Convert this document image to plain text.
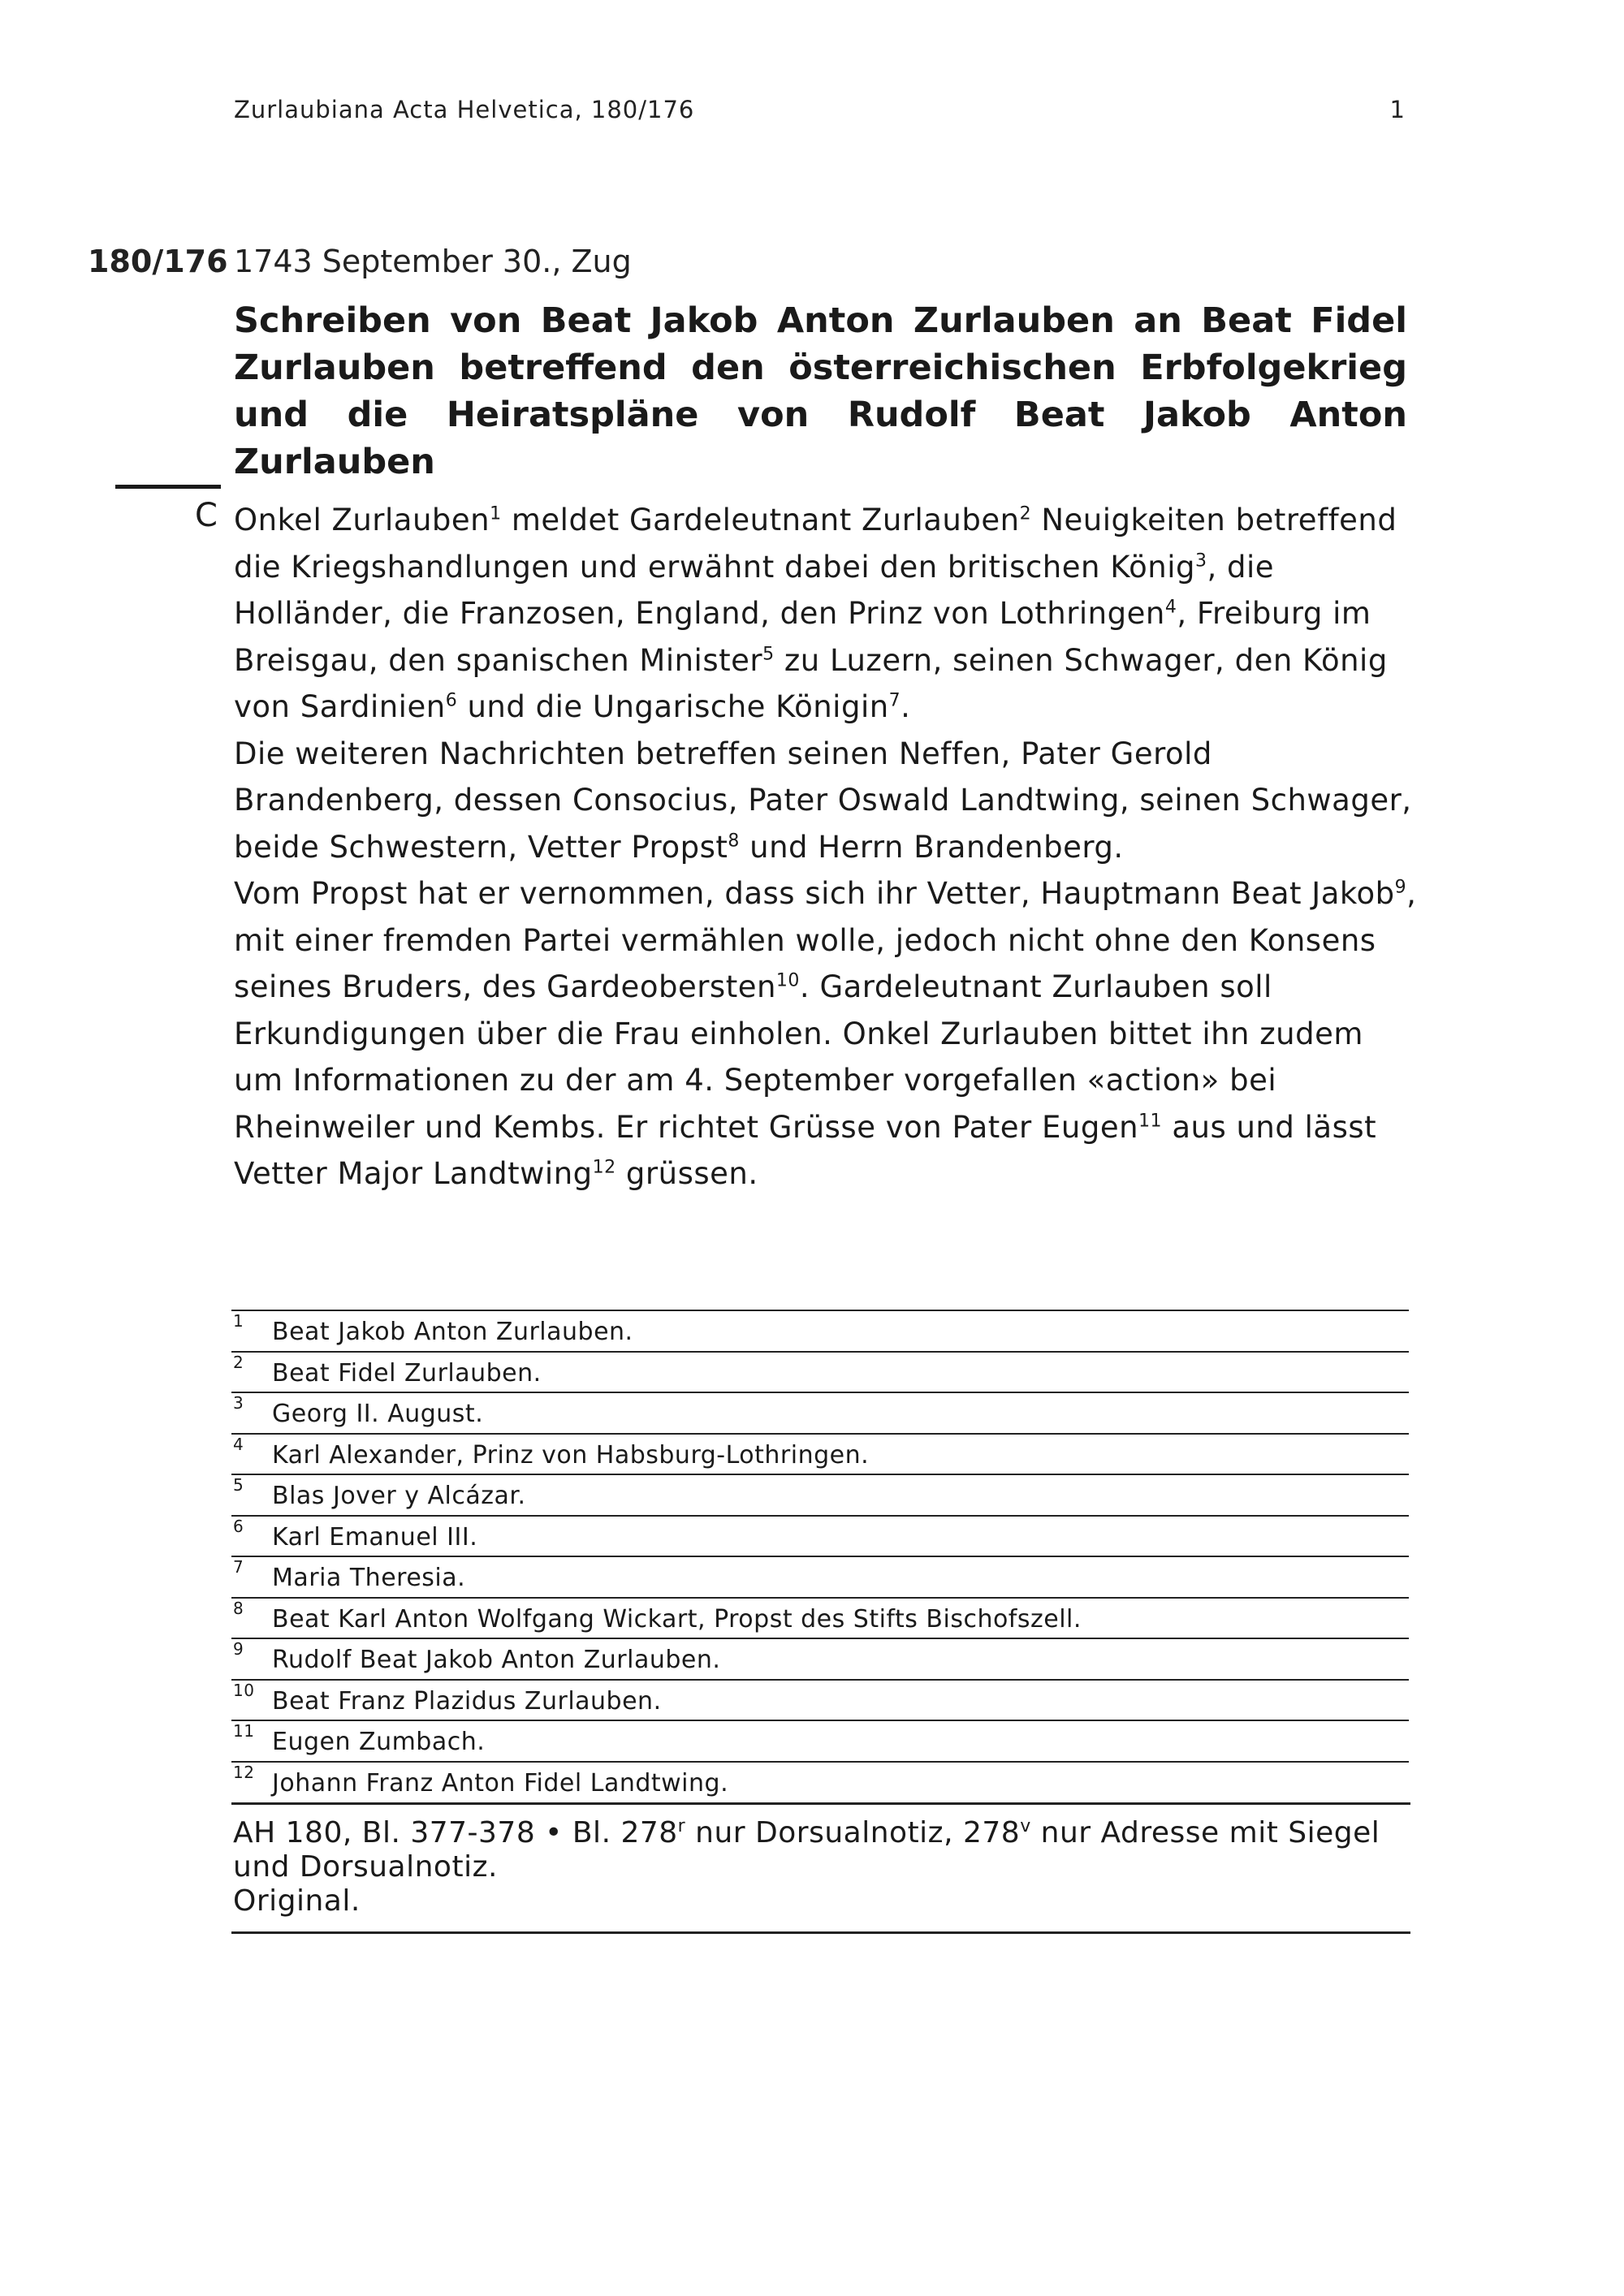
Zurlaubiana Acta Helvetica, 180/176	1
180/176 1743 September 30., Zug
Schreiben von Beat Jakob Anton Zurlauben an Beat Fidel Zurlauben betreffend den österreichischen Erbfolgekrieg und die Heiratspläne von Rudolf Beat Jakob Anton Zurlauben
C Onkel Zurlauben$^1$ meldet Gardeleutnant Zurlauben$^2$ Neuigkeiten betreffend die Kriegshandlungen und erwähnt dabei den britischen König$^3$, die Holländer, die Franzosen, England, den Prinz von Lothringen$^4$, Freiburg im Breisgau, den spanischen Minister$^5$ zu Luzern, seinen Schwager, den König von Sardinien$^6$ und die Ungarische Königin$^7$.

Die weiteren Nachrichten betreffen seinen Neffen, Pater Gerold Brandenberg, dessen Consocius, Pater Oswald Landtwing, seinen Schwager, beide Schwestern, Vetter Propst$^8$ und Herrn Brandenberg.

Vom Propst hat er vernommen, dass sich ihr Vetter, Hauptmann Beat Jakob$^9$, mit einer fremden Partei vermählen wolle, jedoch nicht ohne den Konsens seines Bruders, des Gardeobersten$^{10}$. Gardeleutnant Zurlauben soll Erkundigungen über die Frau einholen. Onkel Zurlauben bittet ihn zudem um Informationen zu der am 4. September vorgefallen «action» bei Rheinweiler und Kembs. Er richtet Grüsse von Pater Eugen$^{11}$ aus und lässt Vetter Major Landtwing$^{12}$ grüssen.

1 Beat Jakob Anton Zurlauben.
2 Beat Fidel Zurlauben.
3 Georg II. August.
4 Karl Alexander, Prinz von Habsburg-Lothringen.
5 Blas Jover y Alcázar.
6 Karl Emanuel III.
7 Maria Theresia.
8 Beat Karl Anton Wolfgang Wickart, Propst des Stifts Bischofszell.
9 Rudolf Beat Jakob Anton Zurlauben.
10 Beat Franz Plazidus Zurlauben.
11 Eugen Zumbach.
12 Johann Franz Anton Fidel Landtwing.
AH 180, Bl. 377-378 • Bl. 278$^r$ nur Dorsualnotiz, 278$^v$ nur Adresse mit Siegel und Dorsualnotiz.
Original.
